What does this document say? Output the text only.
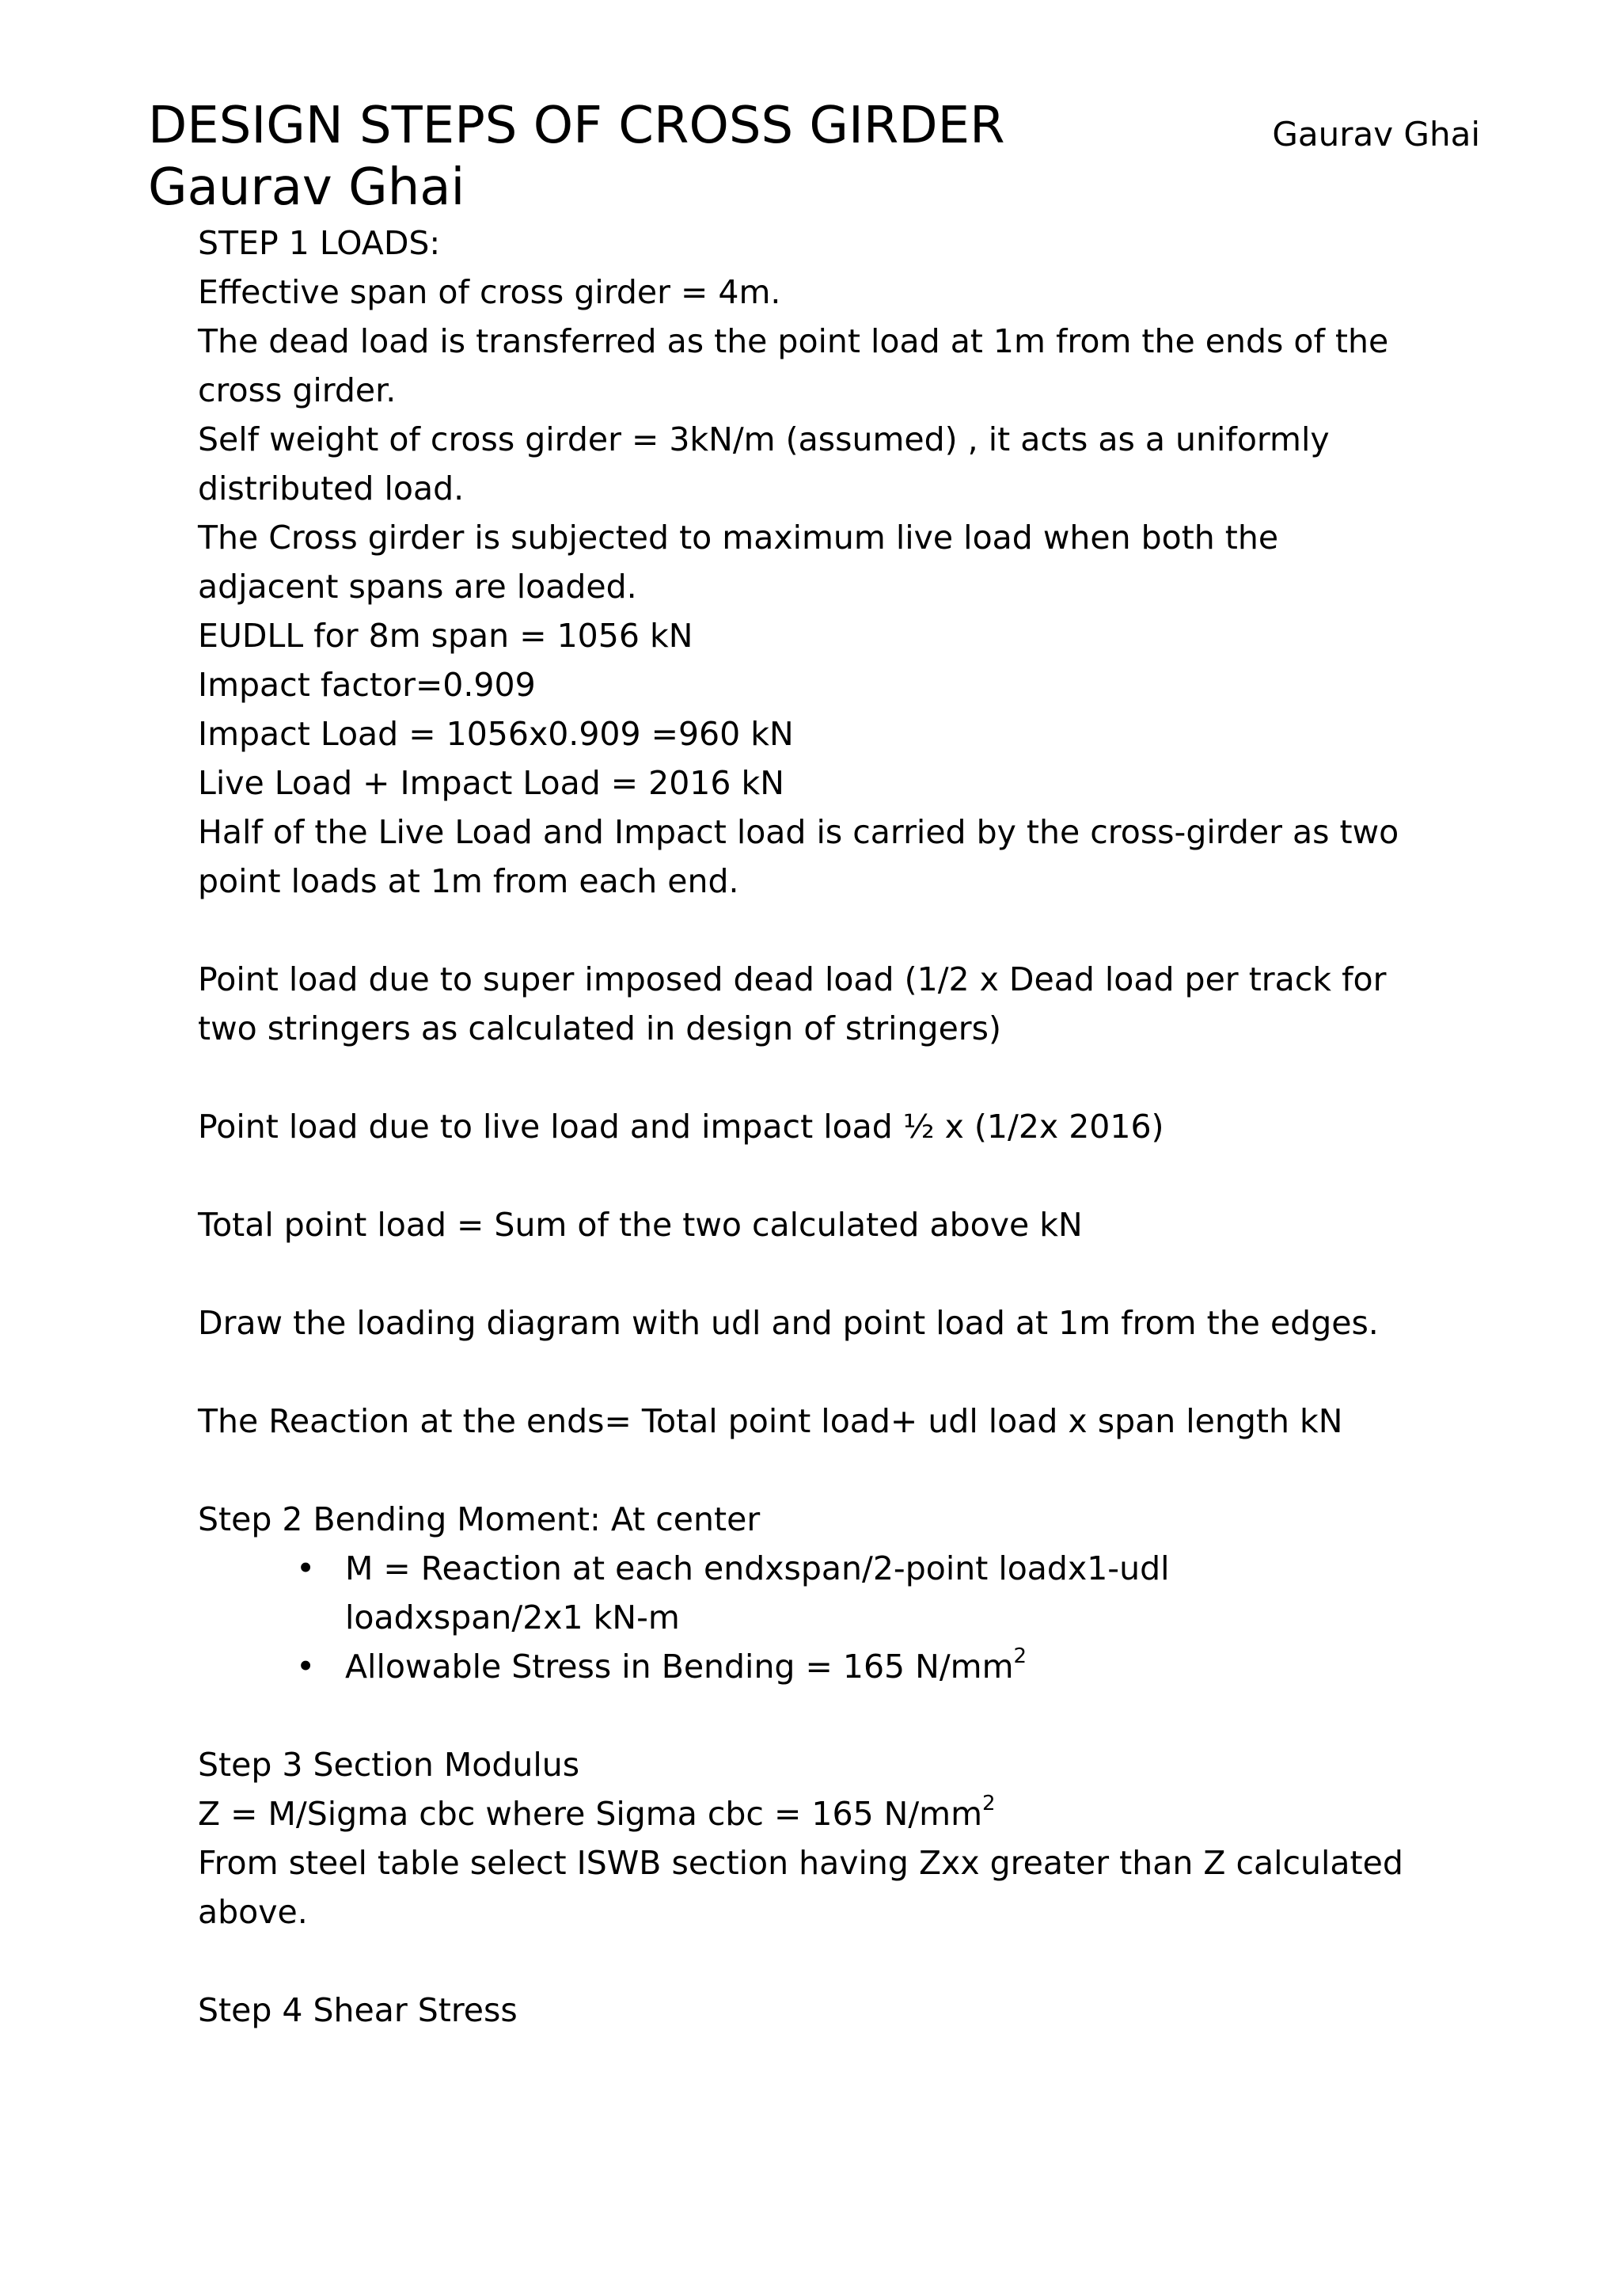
DESIGN STEPS OF CROSS GIRDER	Gaurav Ghai
Gaurav Ghai
STEP 1 LOADS:
Effective span of cross girder = 4m.
The dead load is transferred as the point load at 1m from the ends of the
cross girder.
Self weight of cross girder = 3kN/m (assumed) , it acts as a uniformly
distributed load.
The Cross girder is subjected to maximum live load when both the
adjacent spans are loaded.
EUDLL for 8m span = 1056 kN
Impact factor=0.909
Impact Load = 1056x0.909 =960 kN
Live Load + Impact Load = 2016 kN
Half of the Live Load and Impact load is carried by the cross-girder as two
point loads at 1m from each end.
Point load due to super imposed dead load (1/2 x Dead load per track for
two stringers as calculated in design of stringers)
Point load due to live load and impact load ½ x (1/2x 2016)
Total point load = Sum of the two calculated above kN
Draw the loading diagram with udl and point load at 1m from the edges.
The Reaction at the ends= Total point load+ udl load x span length kN
Step 2 Bending Moment: At center
• M = Reaction at each endxspan/2-point loadx1-udl
loadxspan/2x1 kN-m
• Allowable Stress in Bending = 165 $N/mm^2$
Step 3 Section Modulus
Z = M/Sigma cbc where Sigma cbc = 165 $N/mm^2$
From steel table select ISWB section having Zxx greater than Z calculated
above.
Step 4 Shear Stress
